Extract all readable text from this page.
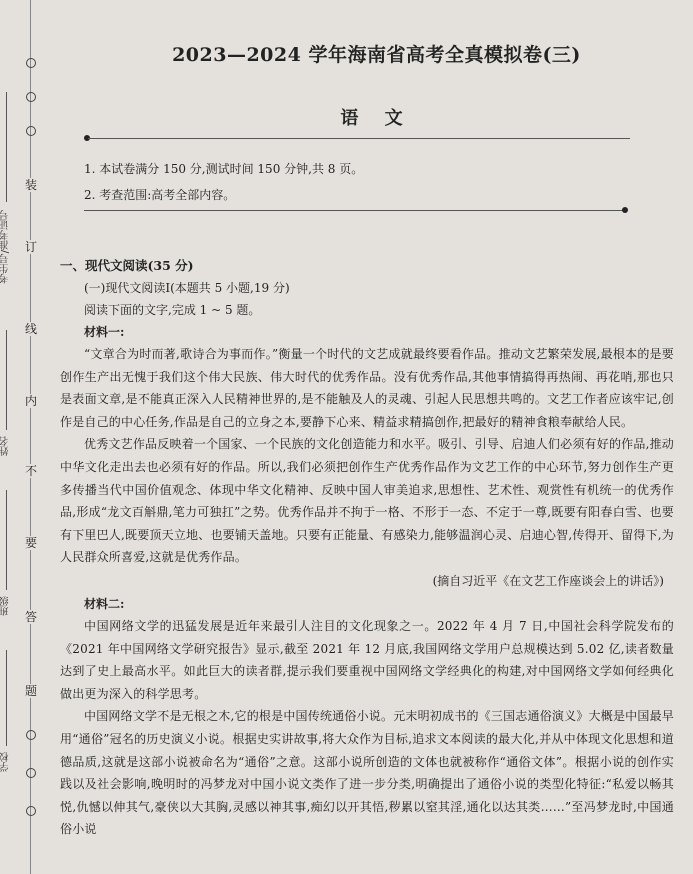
装
订
线
内
不
要
答
题
考生号/准考证号
姓名
班级
学校
2023—2024 学年海南省高考全真模拟卷(三)
语 文
1. 本试卷满分 150 分,测试时间 150 分钟,共 8 页。
2. 考查范围:高考全部内容。
一、现代文阅读(35 分)
(一)现代文阅读Ⅰ(本题共 5 小题,19 分)
阅读下面的文字,完成 1 ~ 5 题。
材料一:

“文章合为时而著,歌诗合为事而作。”衡量一个时代的文艺成就最终要看作品。推动文艺繁荣发展,最根本的是要创作生产出无愧于我们这个伟大民族、伟大时代的优秀作品。没有优秀作品,其他事情搞得再热闹、再花哨,那也只是表面文章,是不能真正深入人民精神世界的,是不能触及人的灵魂、引起人民思想共鸣的。文艺工作者应该牢记,创作是自己的中心任务,作品是自己的立身之本,要静下心来、精益求精搞创作,把最好的精神食粮奉献给人民。

优秀文艺作品反映着一个国家、一个民族的文化创造能力和水平。吸引、引导、启迪人们必须有好的作品,推动中华文化走出去也必须有好的作品。所以,我们必须把创作生产优秀作品作为文艺工作的中心环节,努力创作生产更多传播当代中国价值观念、体现中华文化精神、反映中国人审美追求,思想性、艺术性、观赏性有机统一的优秀作品,形成“龙文百斛鼎,笔力可独扛”之势。优秀作品并不拘于一格、不形于一态、不定于一尊,既要有阳春白雪、也要有下里巴人,既要顶天立地、也要铺天盖地。只要有正能量、有感染力,能够温润心灵、启迪心智,传得开、留得下,为人民群众所喜爱,这就是优秀作品。

(摘自习近平《在文艺工作座谈会上的讲话》)
材料二:

中国网络文学的迅猛发展是近年来最引人注目的文化现象之一。2022 年 4 月 7 日,中国社会科学院发布的《2021 年中国网络文学研究报告》显示,截至 2021 年 12 月底,我国网络文学用户总规模达到 5.02 亿,读者数量达到了史上最高水平。如此巨大的读者群,提示我们要重视中国网络文学经典化的构建,对中国网络文学如何经典化做出更为深入的科学思考。

中国网络文学不是无根之木,它的根是中国传统通俗小说。元末明初成书的《三国志通俗演义》大概是中国最早用“通俗”冠名的历史演义小说。根据史实讲故事,将大众作为目标,追求文本阅读的最大化,并从中体现文化思想和道德品质,这就是这部小说被命名为“通俗”之意。这部小说所创造的文体也就被称作“通俗文体”。根据小说的创作实践以及社会影响,晚明时的冯梦龙对中国小说文类作了进一步分类,明确提出了通俗小说的类型化特征:“私爱以畅其悦,仇憾以伸其气,豪侠以大其胸,灵感以神其事,痴幻以开其悟,秽累以窒其淫,通化以达其类……”至冯梦龙时,中国通俗小说
